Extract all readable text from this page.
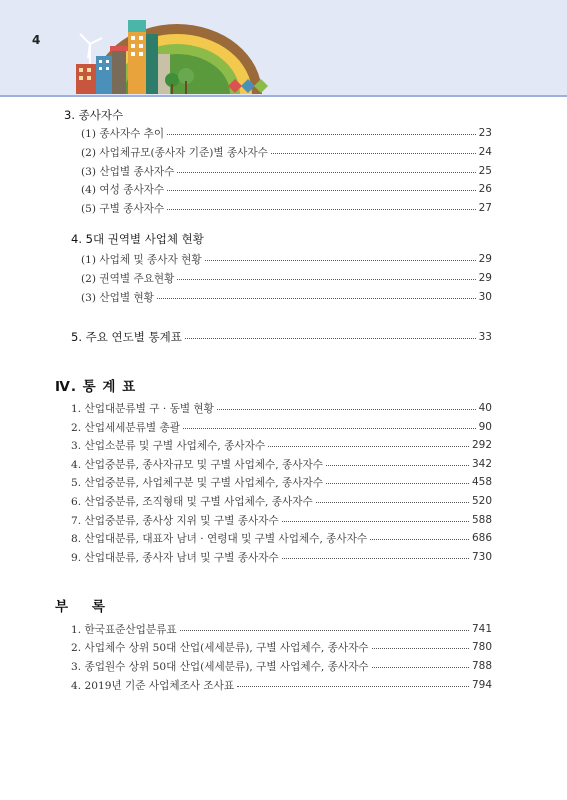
4
3. 종사자수
(1) 종사자수 추이	23
(2) 사업체규모(종사자 기준)별 종사자수	24
(3) 산업별 종사자수	25
(4) 여성 종사자수	26
(5) 구별 종사자수	27
4. 5대 권역별 사업체 현황
(1) 사업체 및 종사자 현황	29
(2) 권역별 주요현황	29
(3) 산업별 현황	30
5. 주요 연도별 통계표	33
Ⅳ. 통 계 표
1. 산업대분류별 구 · 동별 현황	40
2. 산업세세분류별 총괄	90
3. 산업소분류 및 구별 사업체수, 종사자수	292
4. 산업중분류, 종사자규모 및 구별 사업체수, 종사자수	342
5. 산업중분류, 사업체구분 및 구별 사업체수, 종사자수	458
6. 산업중분류, 조직형태 및 구별 사업체수, 종사자수	520
7. 산업중분류, 종사상 지위 및 구별 종사자수	588
8. 산업대분류, 대표자 남녀 · 연령대 및 구별 사업체수, 종사자수	686
9. 산업대분류, 종사자 남녀 및 구별 종사자수	730
부    록
1. 한국표준산업분류표	741
2. 사업체수 상위 50대 산업(세세분류), 구별 사업체수, 종사자수	780
3. 종업원수 상위 50대 산업(세세분류), 구별 사업체수, 종사자수	788
4. 2019년 기준 사업체조사 조사표	794
